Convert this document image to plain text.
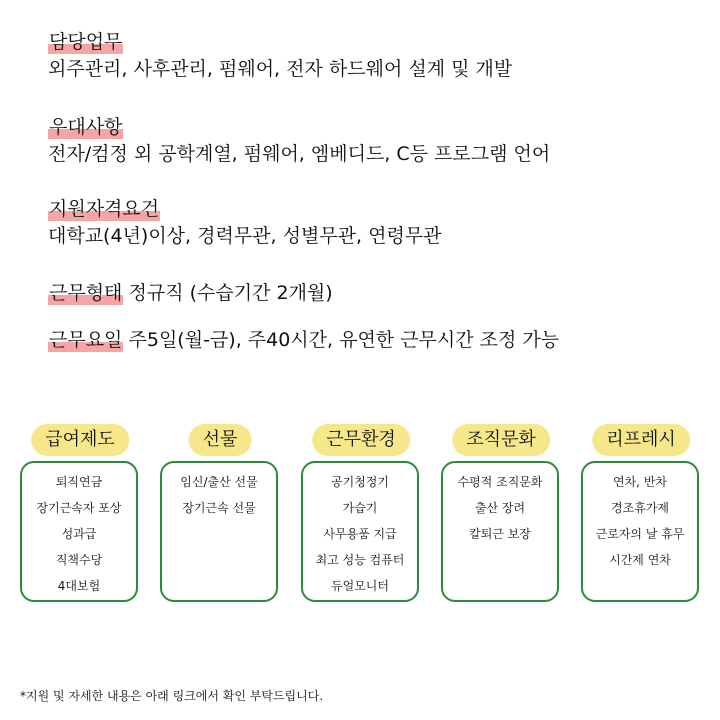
담당업무
외주관리, 사후관리, 펌웨어, 전자 하드웨어 설계 및 개발
우대사항
전자/컴정 외 공학계열, 펌웨어, 엠베디드, C등 프로그램 언어
지원자격요건
대학교(4년)이상, 경력무관, 성별무관, 연령무관
근무형태 정규직 (수습기간 2개월)
근무요일 주5일(월-금), 주40시간, 유연한 근무시간 조정 가능
급여제도
퇴직연금
장기근속자 포상
성과급
직책수당
4대보험
선물
임신/출산 선물
장기근속 선물
근무환경
공기청정기
가습기
사무용품 지급
최고 성능 컴퓨터
듀얼모니터
조직문화
수평적 조직문화
출산 장려
칼퇴근 보장
리프레시
연차, 반차
경조휴가제
근로자의 날 휴무
시간제 연차
*지원 및 자세한 내용은 아래 링크에서 확인 부탁드립니다.
